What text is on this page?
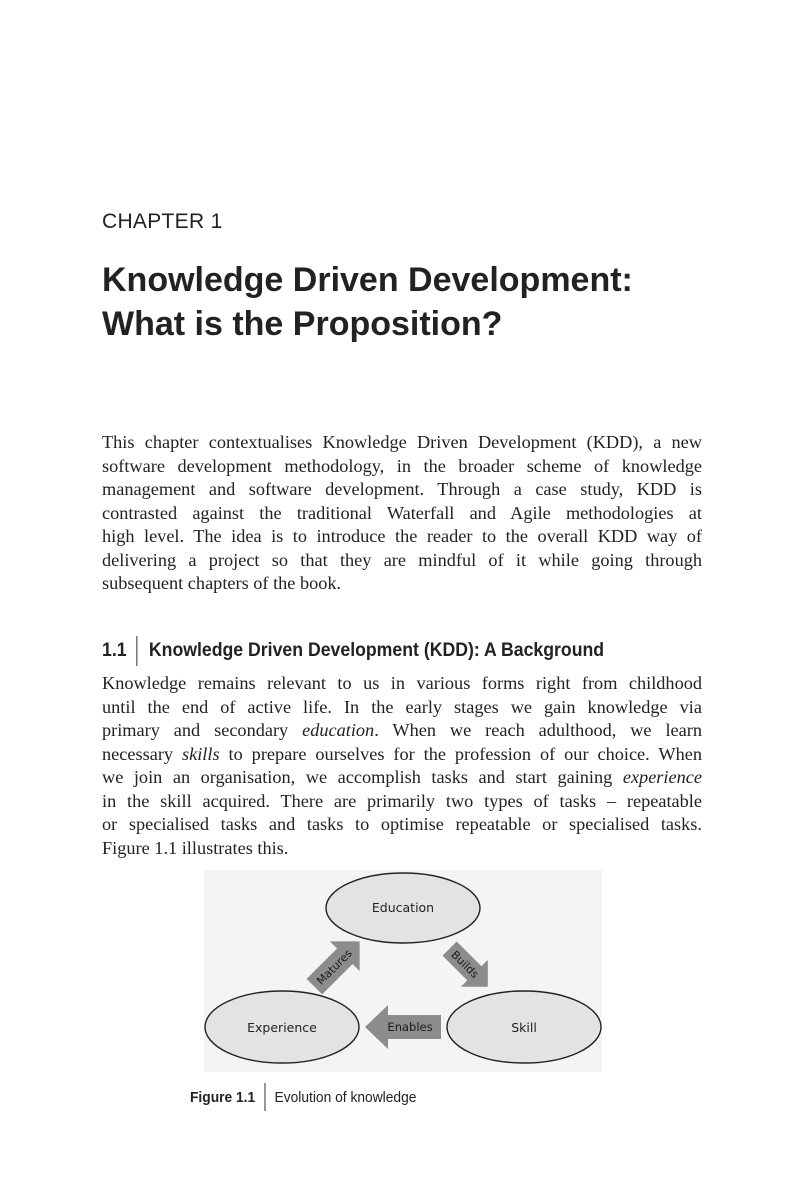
CHAPTER 1
Knowledge Driven Development:
What is the Proposition?

This chapter contextualises Knowledge Driven Development (KDD), a new
software development methodology, in the broader scheme of knowledge
management and software development. Through a case study, KDD is
contrasted against the traditional Waterfall and Agile methodologies at
high level. The idea is to introduce the reader to the overall KDD way of
delivering a project so that they are mindful of it while going through
subsequent chapters of the book.

1.1	Knowledge Driven Development (KDD): A Background

Knowledge remains relevant to us in various forms right from childhood
until the end of active life. In the early stages we gain knowledge via
primary and secondary education. When we reach adulthood, we learn
necessary skills to prepare ourselves for the profession of our choice. When
we join an organisation, we accomplish tasks and start gaining experience
in the skill acquired. There are primarily two types of tasks – repeatable
or specialised tasks and tasks to optimise repeatable or specialised tasks.
Figure 1.1 illustrates this.

Education
Skill
Experience
Builds
Enables
Matures
Figure 1.1	Evolution of knowledge
